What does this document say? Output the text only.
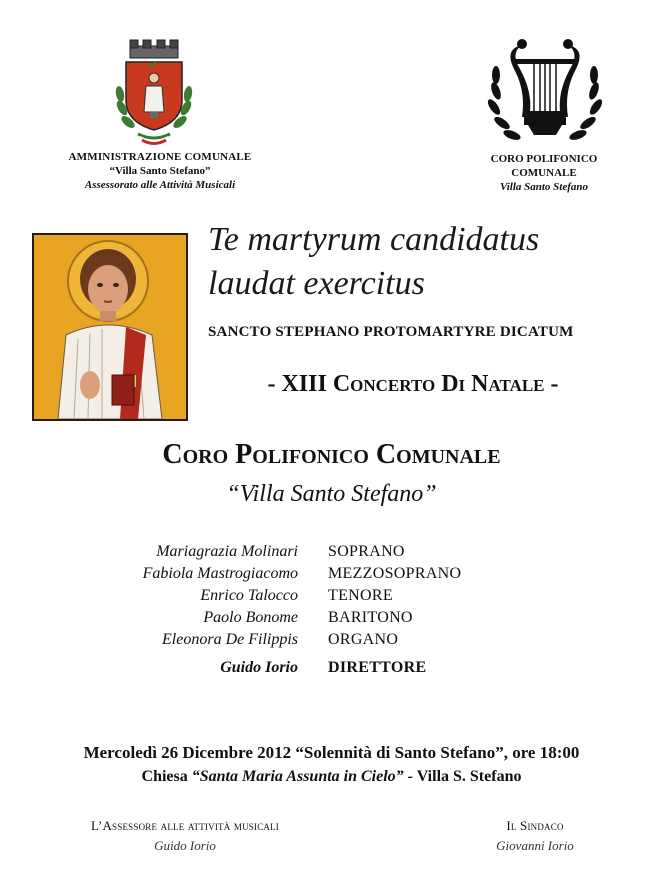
AMMINISTRAZIONE COMUNALE
“Villa Santo Stefano”
Assessorato alle Attività Musicali
CORO POLIFONICO
COMUNALE
Villa Santo Stefano
Te martyrum candidatus
laudat exercitus
SANCTO STEPHANO PROTOMARTYRE DICATUM
- XIII Concerto Di Natale -
Coro Polifonico Comunale
“Villa Santo Stefano”
Mariagrazia Molinari	SOPRANO
Fabiola Mastrogiacomo	MEZZOSOPRANO
Enrico Talocco	TENORE
Paolo Bonome	BARITONO
Eleonora De Filippis	ORGANO
Guido Iorio	DIRETTORE
Mercoledì 26 Dicembre 2012 “Solennità di Santo Stefano”, ore 18:00
Chiesa “Santa Maria Assunta in Cielo” - Villa S. Stefano
L’Assessore alle attività musicali
Guido Iorio
Il Sindaco
Giovanni Iorio
